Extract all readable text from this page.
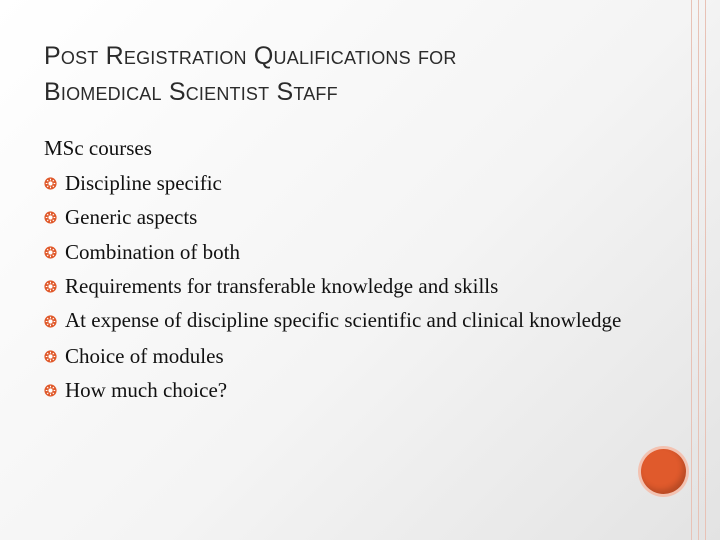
Post Registration Qualifications for
Biomedical Scientist Staff
MSc courses
Discipline specific
Generic aspects
Combination of both
Requirements for transferable knowledge and skills
At expense of discipline specific scientific and clinical knowledge
Choice of modules
How much choice?
